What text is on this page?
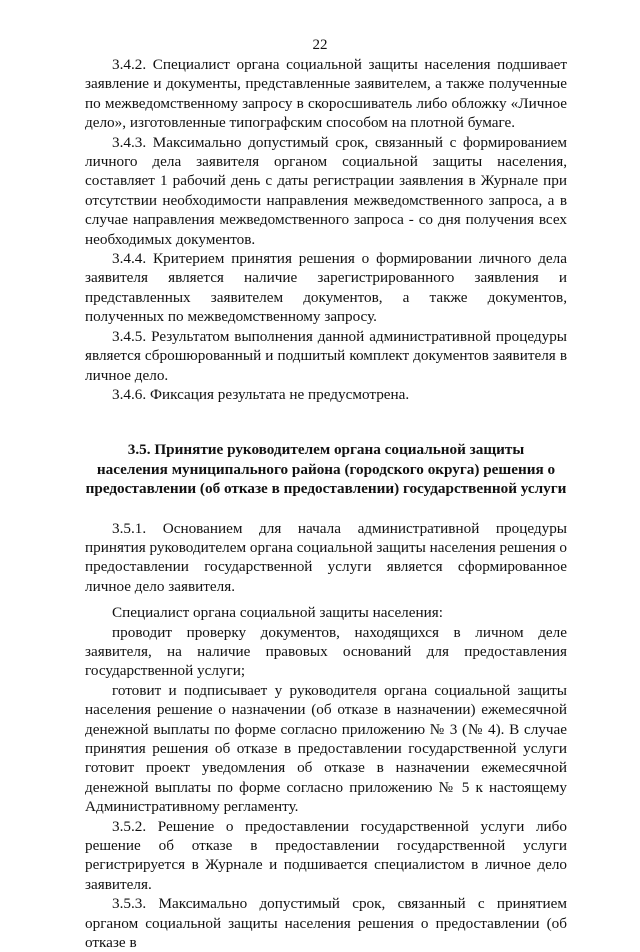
22

3.4.2. Специалист органа социальной защиты населения подшивает заявление и документы, представленные заявителем, а также полученные по межведомственному запросу в скоросшиватель либо обложку «Личное дело», изготовленные типографским способом на плотной бумаге.

3.4.3. Максимально допустимый срок, связанный с формированием личного дела заявителя органом социальной защиты населения, составляет 1 рабочий день с даты регистрации заявления в Журнале при отсутствии необходимости направления межведомственного запроса, а в случае направления межведомственного запроса - со дня получения всех необходимых документов.

3.4.4. Критерием принятия решения о формировании личного дела заявителя является наличие зарегистрированного заявления и представленных заявителем документов, а также документов, полученных по межведомственному запросу.

3.4.5. Результатом выполнения данной административной процедуры является сброшюрованный и подшитый комплект документов заявителя в личное дело.

3.4.6. Фиксация результата не предусмотрена.

3.5. Принятие руководителем органа социальной защиты
населения муниципального района (городского округа) решения о
предоставлении (об отказе в предоставлении) государственной услуги

3.5.1. Основанием для начала административной процедуры принятия руководителем органа социальной защиты населения решения о предоставлении государственной услуги является сформированное личное дело заявителя.

Специалист органа социальной защиты населения:

проводит проверку документов, находящихся в личном деле заявителя, на наличие правовых оснований для предоставления государственной услуги;

готовит и подписывает у руководителя органа социальной защиты населения решение о назначении (об отказе в назначении) ежемесячной денежной выплаты по форме согласно приложению № 3 (№ 4). В случае принятия решения об отказе в предоставлении государственной услуги готовит проект уведомления об отказе в назначении ежемесячной денежной выплаты по форме согласно приложению № 5 к настоящему Административному регламенту.

3.5.2. Решение о предоставлении государственной услуги либо решение об отказе в предоставлении государственной услуги регистрируется в Журнале и подшивается специалистом в личное дело заявителя.

3.5.3. Максимально допустимый срок, связанный с принятием органом социальной защиты населения решения о предоставлении (об отказе в
